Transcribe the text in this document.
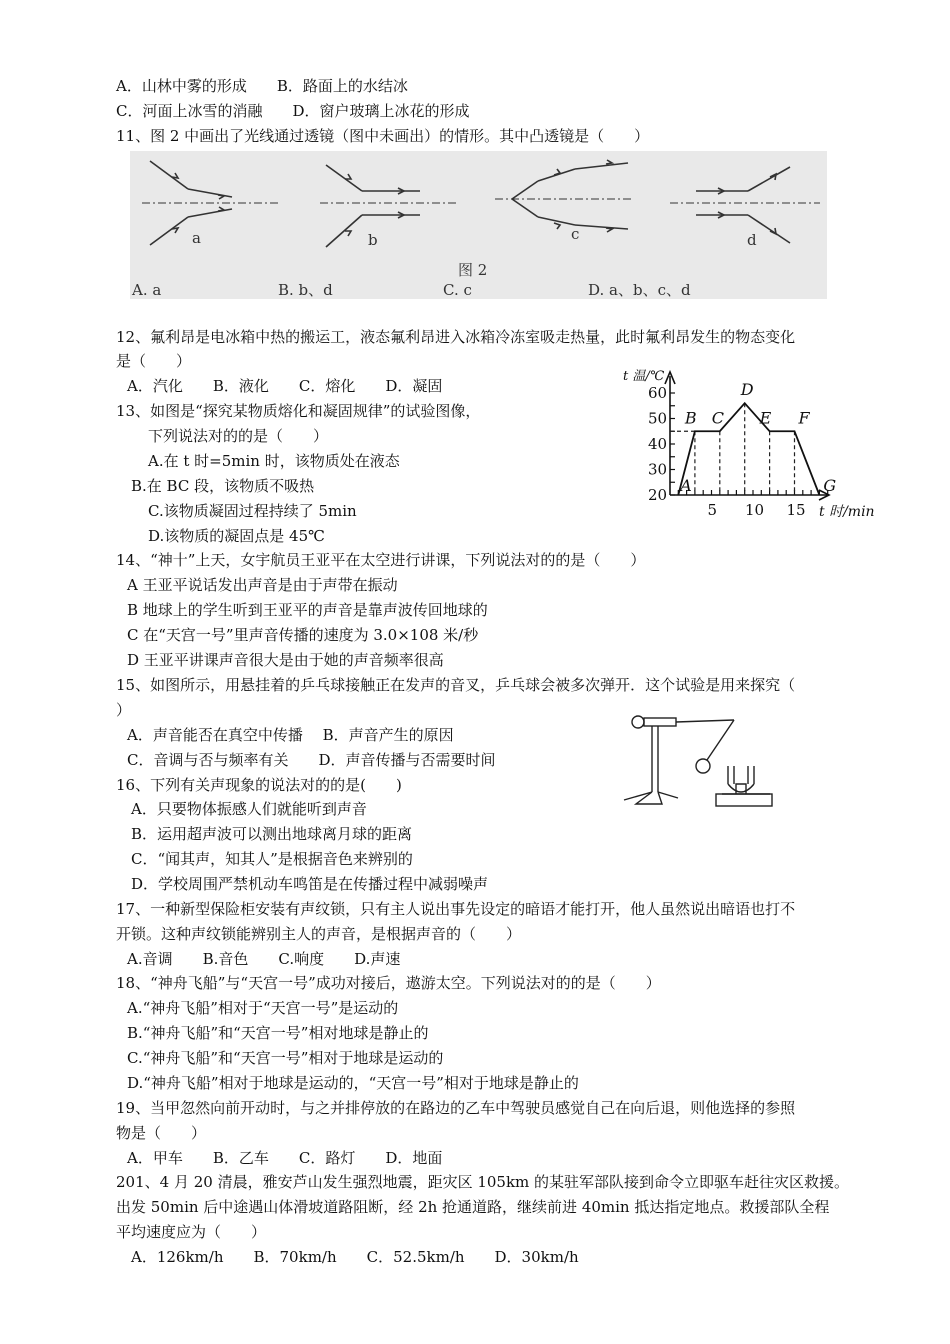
A．山林中雾的形成　　B．路面上的水结冰
C．河面上冰雪的消融　　D．窗户玻璃上冰花的形成
11、图 2 中画出了光线通过透镜（图中未画出）的情形。其中凸透镜是（　　）
a	b	c	d
图 2
A. a	B. b、d	C. c	D. a、b、c、d
12、氟利昂是电冰箱中热的搬运工，液态氟利昂进入冰箱冷冻室吸走热量，此时氟利昂发生的物态变化
是（　　）
A．汽化　　B．液化　　C．熔化　　D．凝固
13、如图是“探究某物质熔化和凝固规律”的试验图像，
下列说法对的的是（　　）
A.在 t 时=5min 时，该物质处在液态
B.在 BC 段，该物质不吸热
C.该物质凝固过程持续了 5min
D.该物质的凝固点是 45℃
20
30
40
50
60
5 10 15
A
B C
D
E F
G
t 温/℃
t 时/min
14、“神十”上天，女宇航员王亚平在太空进行讲课，下列说法对的的是（　　）
A 王亚平说话发出声音是由于声带在振动
B 地球上的学生听到王亚平的声音是靠声波传回地球的
C 在“天宫一号”里声音传播的速度为 3.0×108 米/秒
D 王亚平讲课声音很大是由于她的声音频率很高
15、如图所示，用悬挂着的乒乓球接触正在发声的音叉，乒乓球会被多次弹开．这个试验是用来探究（
）
A．声音能否在真空中传播　 B．声音产生的原因
C．音调与否与频率有关　　D．声音传播与否需要时间
16、下列有关声现象的说法对的的是(　　)
A．只要物体振感人们就能听到声音
B．运用超声波可以测出地球离月球的距离
C．“闻其声，知其人”是根据音色来辨别的
D．学校周围严禁机动车鸣笛是在传播过程中减弱噪声
17、一种新型保险柜安装有声纹锁，只有主人说出事先设定的暗语才能打开，他人虽然说出暗语也打不
开锁。这种声纹锁能辨别主人的声音，是根据声音的（　　）
A.音调　　B.音色　　C.响度　　D.声速
18、“神舟飞船”与“天宫一号”成功对接后，遨游太空。下列说法对的的是（　　）
A.“神舟飞船”相对于“天宫一号”是运动的
B.“神舟飞船”和“天宫一号”相对地球是静止的
C.“神舟飞船”和“天宫一号”相对于地球是运动的
D.“神舟飞船”相对于地球是运动的，“天宫一号”相对于地球是静止的
19、当甲忽然向前开动时，与之并排停放的在路边的乙车中驾驶员感觉自己在向后退，则他选择的参照
物是（　　）
A．甲车　　B．乙车　　C．路灯　　D．地面
201、4 月 20 清晨，雅安芦山发生强烈地震，距灾区 105km 的某驻军部队接到命令立即驱车赶往灾区救援。
出发 50min 后中途遇山体滑坡道路阻断，经 2h 抢通道路，继续前进 40min 抵达指定地点。救援部队全程
平均速度应为（　　）
A．126km/h　　B．70km/h　　C．52.5km/h　　D．30km/h
